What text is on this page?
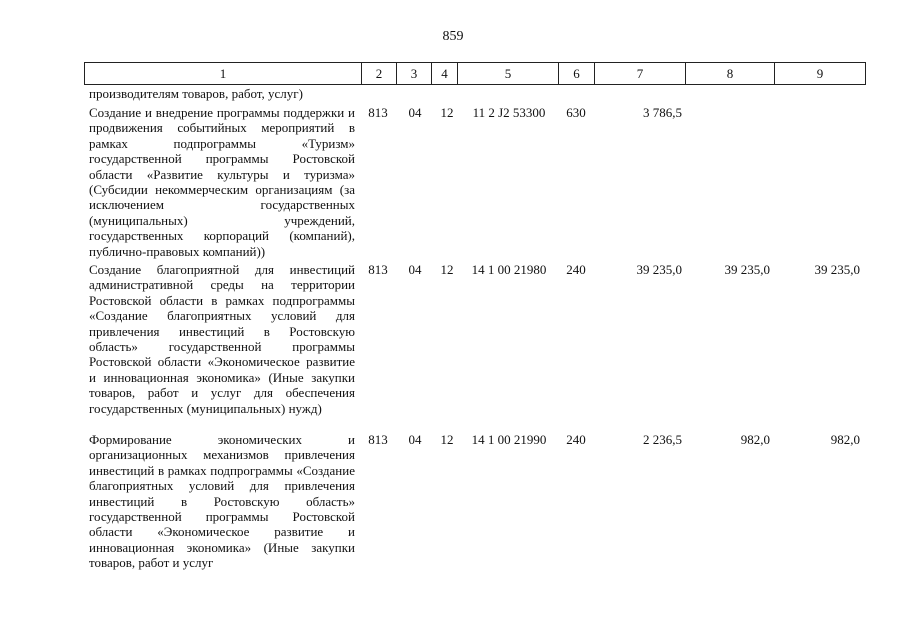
859
1	2	3	4	5	6	7	8	9
производителям товаров, работ, услуг)
Создание и внедрение программы поддержки и продвижения событийных мероприятий в рамках подпрограммы «Туризм» государственной программы Ростовской области «Развитие культуры и туризма» (Субсидии некоммерческим организациям (за исключением государственных (муниципальных) учреждений, государственных корпораций (компаний), публично-правовых компаний))
813	04	12	11 2 J2 53300	630	3 786,5
Создание благоприятной для инвестиций административной среды на территории Ростовской области в рамках подпрограммы «Создание благоприятных условий для привлечения инвестиций в Ростовскую область» государственной программы Ростовской области «Экономическое развитие и инновационная экономика» (Иные закупки товаров, работ и услуг для обеспечения государственных (муниципальных) нужд)
813	04	12	14 1 00 21980	240	39 235,0	39 235,0	39 235,0
Формирование экономических и организационных механизмов привлечения инвестиций в рамках подпрограммы «Создание благоприятных условий для привлечения инвестиций в Ростовскую область» государственной программы Ростовской области «Экономическое развитие и инновационная экономика» (Иные закупки товаров, работ и услуг
813	04	12	14 1 00 21990	240	2 236,5	982,0	982,0
